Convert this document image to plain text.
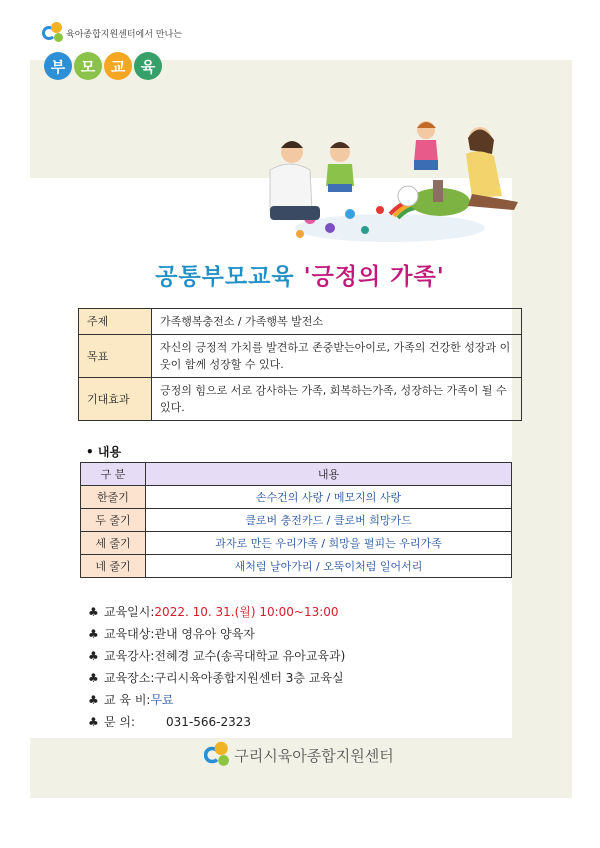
육아종합지원센터에서 만나는
부	모	교	육
공통부모교육 '긍정의 가족'
주제	가족행복충전소 / 가족행복 발전소
목표	자신의 긍정적 가치를 발견하고 존중받는아이로, 가족의 건강한 성장과 이웃이 함께 성장할 수 있다.
기대효과	긍정의 힘으로 서로 감사하는 가족, 회복하는가족, 성장하는 가족이 될 수 있다.
• 내용
구 분	내용
한줄기	손수건의 사랑 / 메모지의 사랑
두 줄기	클로버 충전카드 / 클로버 희망카드
세 줄기	과자로 만든 우리가족 / 희망을 펼피는 우리가족
네 줄기	새처럼 날아가리 / 오뚝이처럼 일어서리
♣ 교육일시: 2022. 10. 31.(월) 10:00~13:00
♣ 교육대상: 관내 영유아 양육자
♣ 교육강사: 전혜경 교수(송곡대학교 유아교육과)
♣ 교육장소: 구리시육아종합지원센터 3층 교육실
♣ 교 육 비: 무료
♣ 문 의:	031-566-2323
구리시육아종합지원센터
